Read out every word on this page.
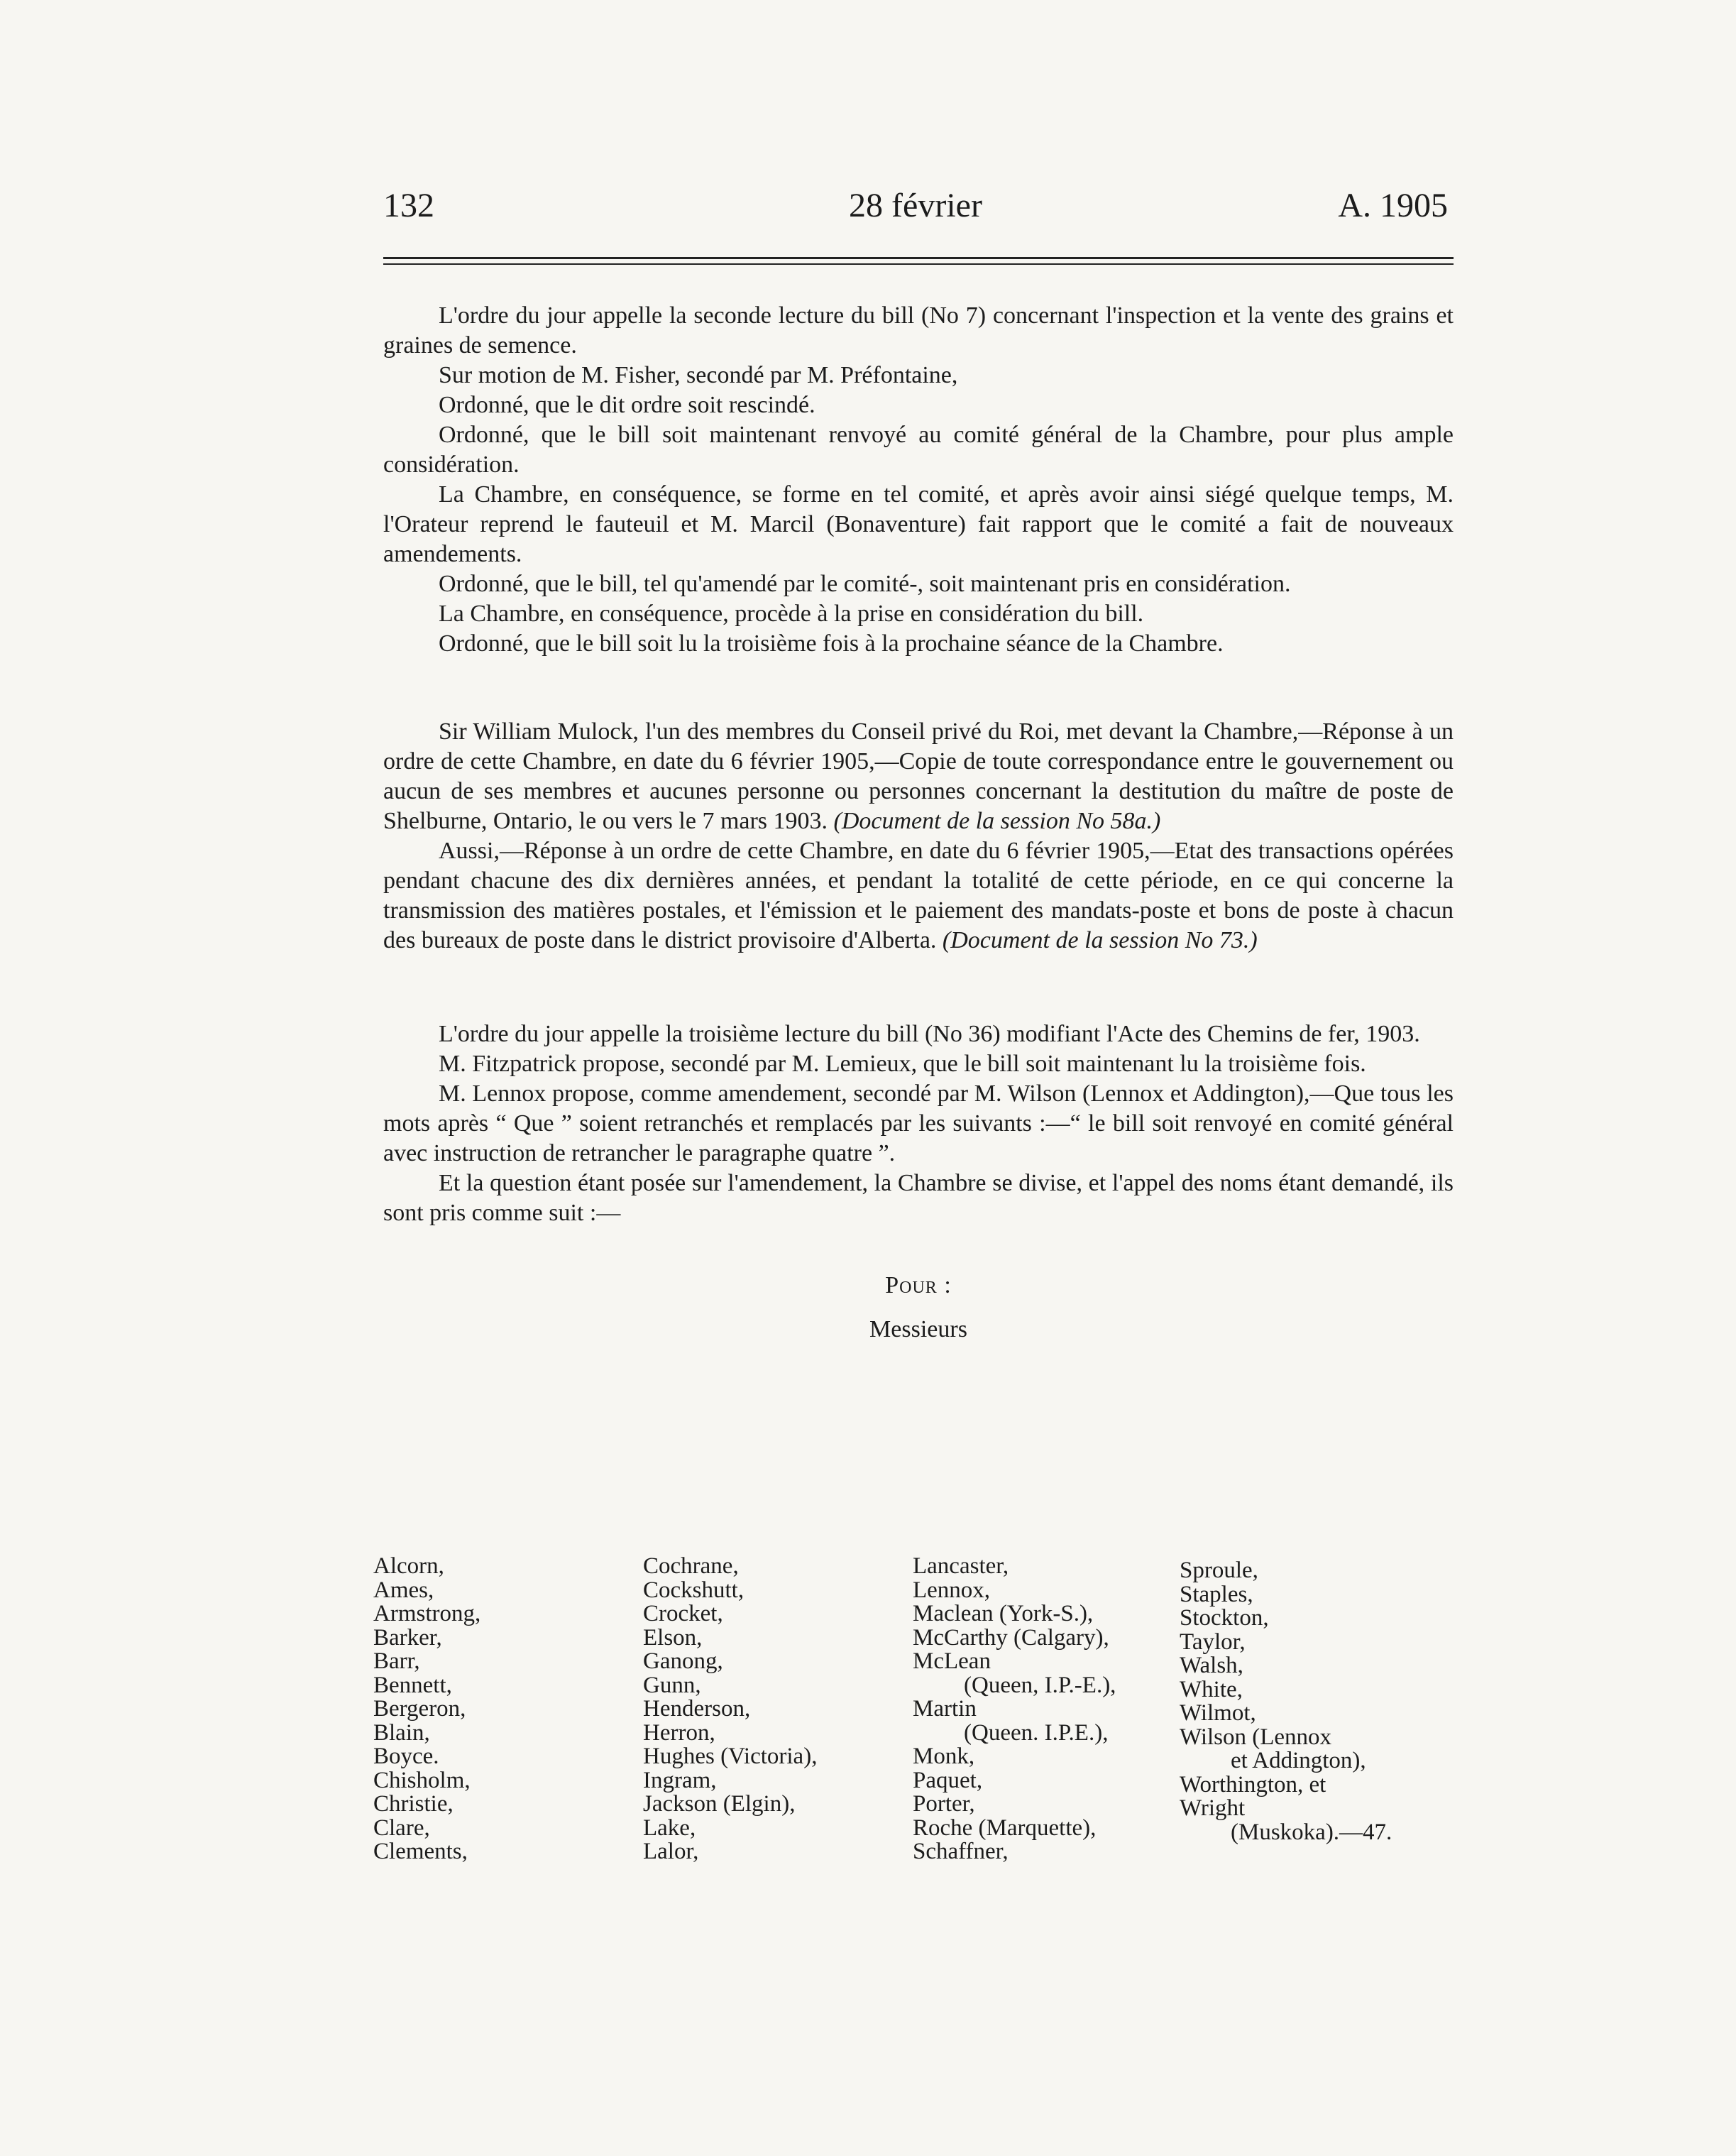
132	28 février	A. 1905

L'ordre du jour appelle la seconde lecture du bill (No 7) concernant l'inspection et la vente des grains et graines de semence.

Sur motion de M. Fisher, secondé par M. Préfontaine,

Ordonné, que le dit ordre soit rescindé.

Ordonné, que le bill soit maintenant renvoyé au comité général de la Chambre, pour plus ample considération.

La Chambre, en conséquence, se forme en tel comité, et après avoir ainsi siégé quelque temps, M. l'Orateur reprend le fauteuil et M. Marcil (Bonaventure) fait rapport que le comité a fait de nouveaux amendements.

Ordonné, que le bill, tel qu'amendé par le comité-, soit maintenant pris en considération.

La Chambre, en conséquence, procède à la prise en considération du bill.

Ordonné, que le bill soit lu la troisième fois à la prochaine séance de la Chambre.

Sir William Mulock, l'un des membres du Conseil privé du Roi, met devant la Chambre,—Réponse à un ordre de cette Chambre, en date du 6 février 1905,—Copie de toute correspondance entre le gouvernement ou aucun de ses membres et aucunes personne ou personnes concernant la destitution du maître de poste de Shelburne, Ontario, le ou vers le 7 mars 1903. (Document de la session No 58a.)

Aussi,—Réponse à un ordre de cette Chambre, en date du 6 février 1905,—Etat des transactions opérées pendant chacune des dix dernières années, et pendant la totalité de cette période, en ce qui concerne la transmission des matières postales, et l'émission et le paiement des mandats-poste et bons de poste à chacun des bureaux de poste dans le district provisoire d'Alberta. (Document de la session No 73.)

L'ordre du jour appelle la troisième lecture du bill (No 36) modifiant l'Acte des Chemins de fer, 1903.

M. Fitzpatrick propose, secondé par M. Lemieux, que le bill soit maintenant lu la troisième fois.

M. Lennox propose, comme amendement, secondé par M. Wilson (Lennox et Addington),—Que tous les mots après “ Que ” soient retranchés et remplacés par les suivants :—“ le bill soit renvoyé en comité général avec instruction de retrancher le paragraphe quatre ”.

Et la question étant posée sur l'amendement, la Chambre se divise, et l'appel des noms étant demandé, ils sont pris comme suit :—

Pour :

Messieurs

Alcorn,
Ames,
Armstrong,
Barker,
Barr,
Bennett,
Bergeron,
Blain,
Boyce.
Chisholm,
Christie,
Clare,
Clements,
Cochrane,
Cockshutt,
Crocket,
Elson,
Ganong,
Gunn,
Henderson,
Herron,
Hughes (Victoria),
Ingram,
Jackson (Elgin),
Lake,
Lalor,
Lancaster,
Lennox,
Maclean (York-S.),
McCarthy (Calgary),
McLean
(Queen, I.P.-E.),
Martin
(Queen. I.P.E.),
Monk,
Paquet,
Porter,
Roche (Marquette),
Schaffner,
Sproule,
Staples,
Stockton,
Taylor,
Walsh,
White,
Wilmot,
Wilson (Lennox
et Addington),
Worthington, et
Wright
(Muskoka).—47.
